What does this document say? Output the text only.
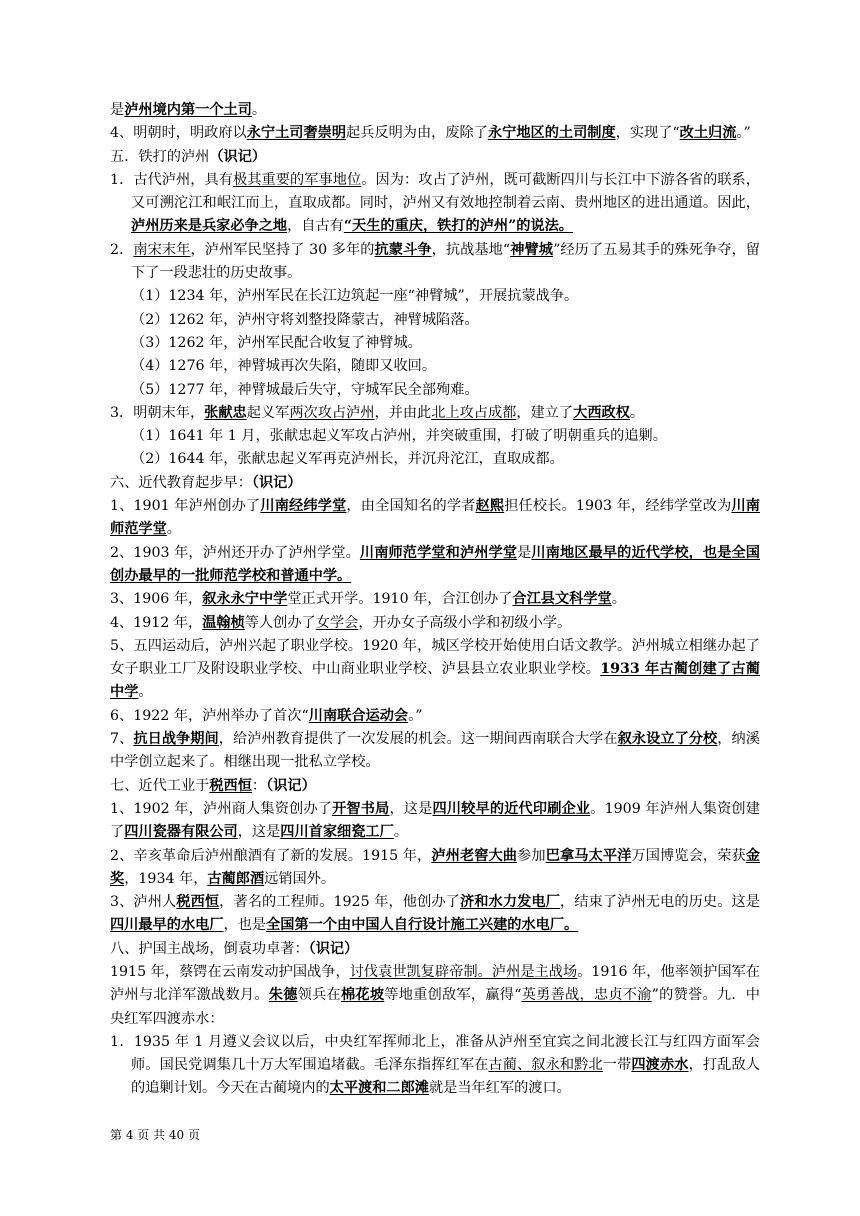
是泸州境内第一个土司。

4、明朝时，明政府以永宁土司奢崇明起兵反明为由，废除了永宁地区的土司制度，实现了“改土归流。”

五．铁打的泸州（识记）

1．古代泸州，具有极其重要的军事地位。因为：攻占了泸州，既可截断四川与长江中下游各省的联系，又可溯沱江和岷江而上，直取成都。同时，泸州又有效地控制着云南、贵州地区的进出通道。因此，泸州历来是兵家必争之地，自古有“天生的重庆，铁打的泸州”的说法。

2．南宋末年，泸州军民坚持了 30 多年的抗蒙斗争，抗战基地“神臂城”经历了五易其手的殊死争夺，留下了一段悲壮的历史故事。

（1）1234 年，泸州军民在长江边筑起一座“神臂城”，开展抗蒙战争。

（2）1262 年，泸州守将刘整投降蒙古，神臂城陷落。

（3）1262 年，泸州军民配合收复了神臂城。

（4）1276 年，神臂城再次失陷，随即又收回。

（5）1277 年，神臂城最后失守，守城军民全部殉难。

3．明朝末年，张献忠起义军两次攻占泸州，并由此北上攻占成都，建立了大西政权。

（1）1641 年 1 月，张献忠起义军攻占泸州，并突破重围，打破了明朝重兵的追剿。

（2）1644 年，张献忠起义军再克泸州长，并沉舟沱江，直取成都。

六、近代教育起步早：（识记）

1、1901 年泸州创办了川南经纬学堂，由全国知名的学者赵熙担任校长。1903 年，经纬学堂改为川南师范学堂。

2、1903 年，泸州还开办了泸州学堂。川南师范学堂和泸州学堂是川南地区最早的近代学校，也是全国创办最早的一批师范学校和普通中学。

3、1906 年，叙永永宁中学堂正式开学。1910 年，合江创办了合江县文科学堂。

4、1912 年，温翰桢等人创办了女学会，开办女子高级小学和初级小学。

5、五四运动后，泸州兴起了职业学校。1920 年，城区学校开始使用白话文教学。泸州城立相继办起了女子职业工厂及附设职业学校、中山商业职业学校、泸县县立农业职业学校。1933 年古蔺创建了古蔺中学。

6、1922 年，泸州举办了首次“川南联合运动会。”

7、抗日战争期间，给泸州教育提供了一次发展的机会。这一期间西南联合大学在叙永设立了分校，纳溪中学创立起来了。相继出现一批私立学校。

七、近代工业于税西恒：（识记）

1、1902 年，泸州商人集资创办了开智书局，这是四川较早的近代印刷企业。1909 年泸州人集资创建了四川瓷器有限公司，这是四川首家细瓷工厂。

2、辛亥革命后泸州酿酒有了新的发展。1915 年，泸州老窖大曲参加巴拿马太平洋万国博览会，荣获金奖，1934 年，古蔺郎酒远销国外。

3、泸州人税西恒，著名的工程师。1925 年，他创办了济和水力发电厂，结束了泸州无电的历史。这是四川最早的水电厂，也是全国第一个由中国人自行设计施工兴建的水电厂。

八、护国主战场，倒袁功卓著：（识记）

1915 年，蔡锷在云南发动护国战争，讨伐袁世凯复辟帝制。泸州是主战场。1916 年，他率领护国军在泸州与北洋军激战数月。朱德领兵在棉花坡等地重创敌军，赢得“英勇善战，忠贞不渝”的赞誉。九．中央红军四渡赤水：

1．1935 年 1 月遵义会议以后，中央红军挥师北上，准备从泸州至宜宾之间北渡长江与红四方面军会师。国民党调集几十万大军围追堵截。毛泽东指挥红军在古蔺、叙永和黔北一带四渡赤水，打乱敌人的追剿计划。今天在古蔺境内的太平渡和二郎滩就是当年红军的渡口。

第 4 页 共 40 页
